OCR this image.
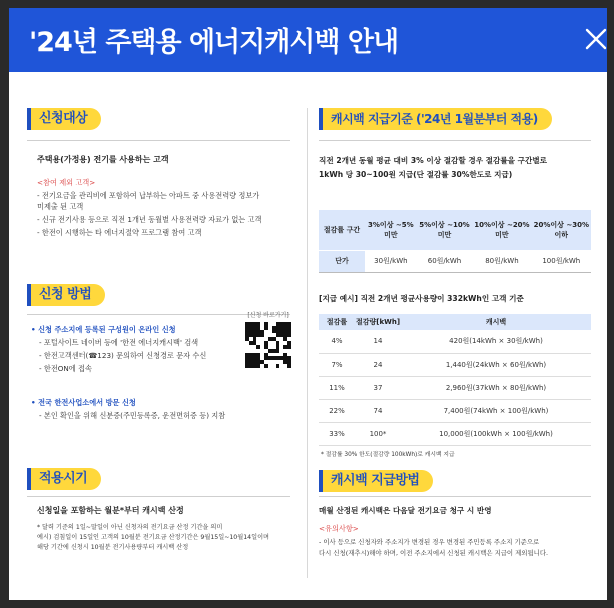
'24년 주택용 에너지캐시백 안내
신청대상
주택용(가정용) 전기를 사용하는 고객
<참여 제외 고객>
- 전기요금을 관리비에 포함하여 납부하는 아파트 중 사용전력량 정보가
미제출 된 고객
- 신규 전기사용 등으로 직전 1개년 동월별 사용전력량 자료가 없는 고객
- 한전이 시행하는 타 에너지절약 프로그램 참여 고객
신청 방법
• 신청 주소지에 등록된 구성원이 온라인 신청
- 포털사이트 네이버 등에 '한전 에너지캐시백' 검색
- 한전고객센터(☎123) 문의하여 신청경로 문자 수신
- 한전ON에 접속
• 전국 한전사업소에서 방문 신청
- 본인 확인을 위해 신분증(주민등록증, 운전면허증 등) 지참
적용시기
신청일을 포함하는 월분*부터 캐시백 산정
* 달력 기준의 1일~말일이 아닌 신청자의 전기요금 산정 기간을 의미
예시) 검침일이 15일인 고객의 10월분 전기요금 산정기간은 9월15일~10월14일이며
해당 기간에 신청시 10월분 전기사용량부터 캐시백 산정
[신청 바로가기]
캐시백 지급기준 ('24년 1월분부터 적용)
직전 2개년 동월 평균 대비 3% 이상 절감할 경우 절감률을 구간별로
1kWh 당 30~100원 지급(단 절감률 30%한도로 지급)
절감률 구간	3%이상 ~5%미만	5%이상 ~10%미만	10%이상 ~20%미만	20%이상 ~30%이하
단가	30원/kWh	60원/kWh	80원/kWh	100원/kWh
[지급 예시] 직전 2개년 평균사용량이 332kWh인 고객 기준
절감률	절감량[kWh]	캐시백
4%	14	420원(14kWh × 30원/kWh)
7%	24	1,440원(24kWh × 60원/kWh)
11%	37	2,960원(37kWh × 80원/kWh)
22%	74	7,400원(74kWh × 100원/kWh)
33%	100*	10,000원(100kWh × 100원/kWh)
* 절감률 30% 한도(절감량 100kWh)로 캐시백 지급
캐시백 지급방법
매월 산정된 캐시백은 다음달 전기요금 청구 시 반영
<유의사항>
- 이사 등으로 신청자와 주소지가 변경된 경우 변경된 주민등록 주소지 기준으로
다시 신청(재추시)해야 하며, 이전 주소지에서 신청된 캐시백은 지급이 제외됩니다.
